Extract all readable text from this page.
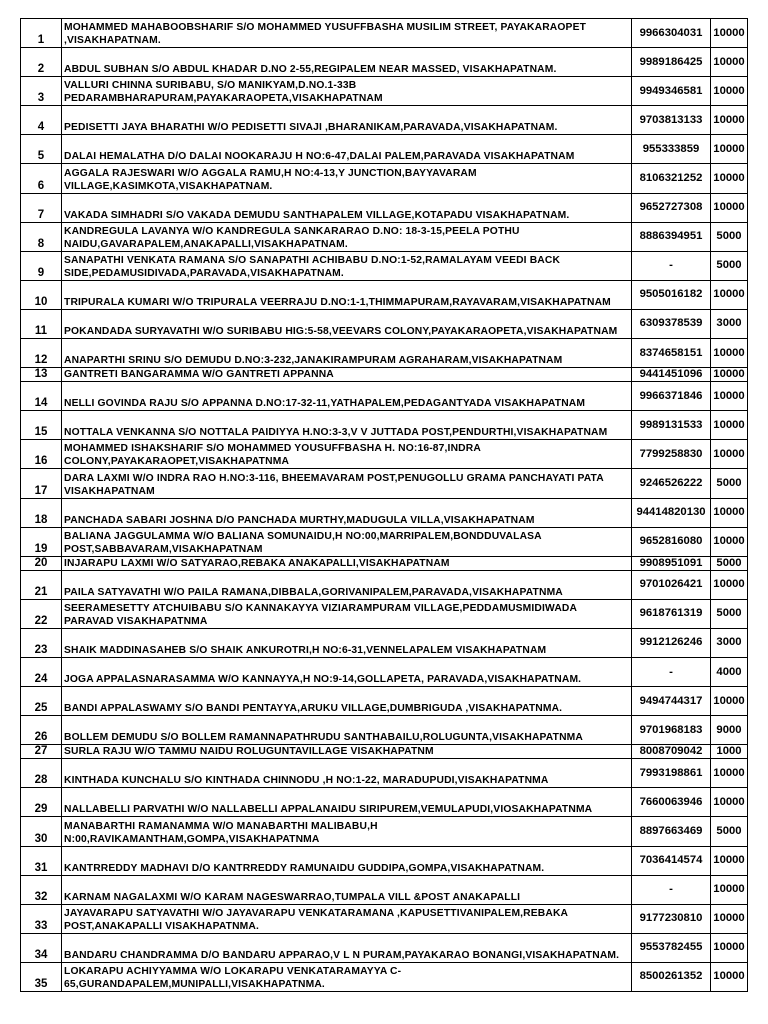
1	MOHAMMED MAHABOOBSHARIF S/O MOHAMMED YUSUFFBASHA MUSILIM STREET, PAYAKARAOPET ,VISAKHAPATNAM.	9966304031	10000
2	ABDUL SUBHAN S/O ABDUL KHADAR D.NO 2-55,REGIPALEM NEAR MASSED, VISAKHAPATNAM.	9989186425	10000
3	VALLURI CHINNA SURIBABU, S/O MANIKYAM,D.NO.1-33B PEDARAMBHARAPURAM,PAYAKARAOPETA,VISAKHAPATNAM	9949346581	10000
4	PEDISETTI JAYA BHARATHI W/O PEDISETTI SIVAJI ,BHARANIKAM,PARAVADA,VISAKHAPATNAM.	9703813133	10000
5	DALAI HEMALATHA D/O DALAI NOOKARAJU H NO:6-47,DALAI PALEM,PARAVADA VISAKHAPATNAM	955333859	10000
6	AGGALA RAJESWARI W/O AGGALA RAMU,H NO:4-13,Y JUNCTION,BAYYAVARAM VILLAGE,KASIMKOTA,VISAKHAPATNAM.	8106321252	10000
7	VAKADA SIMHADRI S/O VAKADA DEMUDU SANTHAPALEM VILLAGE,KOTAPADU VISAKHAPATNAM.	9652727308	10000
8	KANDREGULA LAVANYA W/O KANDREGULA SANKARARAO D.NO: 18-3-15,PEELA POTHU NAIDU,GAVARAPALEM,ANAKAPALLI,VISAKHAPATNAM.	8886394951	5000
9	SANAPATHI VENKATA RAMANA S/O SANAPATHI ACHIBABU D.NO:1-52,RAMALAYAM VEEDI BACK SIDE,PEDAMUSIDIVADA,PARAVADA,VISAKHAPATNAM.	-	5000
10	TRIPURALA KUMARI W/O TRIPURALA VEERRAJU D.NO:1-1,THIMMAPURAM,RAYAVARAM,VISAKHAPATNAM	9505016182	10000
11	POKANDADA SURYAVATHI W/O SURIBABU HIG:5-58,VEEVARS COLONY,PAYAKARAOPETA,VISAKHAPATNAM	6309378539	3000
12	ANAPARTHI SRINU S/O DEMUDU D.NO:3-232,JANAKIRAMPURAM AGRAHARAM,VISAKHAPATNAM	8374658151	10000
13	GANTRETI BANGARAMMA W/O GANTRETI APPANNA	9441451096	10000
14	NELLI GOVINDA RAJU S/O APPANNA D.NO:17-32-11,YATHAPALEM,PEDAGANTYADA VISAKHAPATNAM	9966371846	10000
15	NOTTALA VENKANNA S/O NOTTALA PAIDIYYA H.NO:3-3,V V JUTTADA POST,PENDURTHI,VISAKHAPATNAM	9989131533	10000
16	MOHAMMED ISHAKSHARIF S/O MOHAMMED YOUSUFFBASHA H. NO:16-87,INDRA COLONY,PAYAKARAOPET,VISAKHAPATNMA	7799258830	10000
17	DARA LAXMI W/O INDRA RAO H.NO:3-116, BHEEMAVARAM POST,PENUGOLLU GRAMA PANCHAYATI PATA VISAKHAPATNAM	9246526222	5000
18	PANCHADA SABARI JOSHNA D/O PANCHADA MURTHY,MADUGULA VILLA,VISAKHAPATNAM	94414820130	10000
19	BALIANA JAGGULAMMA W/O BALIANA SOMUNAIDU,H NO:00,MARRIPALEM,BONDDUVALASA POST,SABBAVARAM,VISAKHAPATNAM	9652816080	10000
20	INJARAPU LAXMI W/O SATYARAO,REBAKA ANAKAPALLI,VISAKHAPATNAM	9908951091	5000
21	PAILA SATYAVATHI W/O PAILA RAMANA,DIBBALA,GORIVANIPALEM,PARAVADA,VISAKHAPATNMA	9701026421	10000
22	SEERAMESETTY ATCHUIBABU S/O KANNAKAYYA VIZIARAMPURAM VILLAGE,PEDDAMUSMIDIWADA PARAVAD VISAKHAPATNMA	9618761319	5000
23	SHAIK MADDINASAHEB S/O SHAIK ANKUROTRI,H NO:6-31,VENNELAPALEM VISAKHAPATNAM	9912126246	3000
24	JOGA APPALASNARASAMMA W/O KANNAYYA,H NO:9-14,GOLLAPETA, PARAVADA,VISAKHAPATNAM.	-	4000
25	BANDI APPALASWAMY S/O BANDI PENTAYYA,ARUKU VILLAGE,DUMBRIGUDA ,VISAKHAPATNMA.	9494744317	10000
26	BOLLEM DEMUDU S/O BOLLEM RAMANNAPATHRUDU SANTHABAILU,ROLUGUNTA,VISAKHAPATNMA	9701968183	9000
27	SURLA RAJU W/O TAMMU NAIDU ROLUGUNTAVILLAGE VISAKHAPATNM	8008709042	1000
28	KINTHADA KUNCHALU S/O KINTHADA CHINNODU ,H NO:1-22, MARADUPUDI,VISAKHAPATNMA	7993198861	10000
29	NALLABELLI PARVATHI W/O NALLABELLI APPALANAIDU SIRIPUREM,VEMULAPUDI,VIOSAKHAPATNMA	7660063946	10000
30	MANABARTHI RAMANAMMA W/O MANABARTHI MALIBABU,H N:00,RAVIKAMANTHAM,GOMPA,VISAKHAPATNMA	8897663469	5000
31	KANTRREDDY MADHAVI D/O KANTRREDDY RAMUNAIDU GUDDIPA,GOMPA,VISAKHAPATNAM.	7036414574	10000
32	KARNAM NAGALAXMI W/O KARAM NAGESWARRAO,TUMPALA VILL &POST ANAKAPALLI	-	10000
33	JAYAVARAPU SATYAVATHI W/O JAYAVARAPU VENKATARAMANA ,KAPUSETTIVANIPALEM,REBAKA POST,ANAKAPALLI VISAKHAPATNMA.	9177230810	10000
34	BANDARU CHANDRAMMA D/O BANDARU APPARAO,V L N PURAM,PAYAKARAO BONANGI,VISAKHAPATNAM.	9553782455	10000
35	LOKARAPU ACHIYYAMMA W/O LOKARAPU VENKATARAMAYYA C-65,GURANDAPALEM,MUNIPALLI,VISAKHAPATNMA.	8500261352	10000
